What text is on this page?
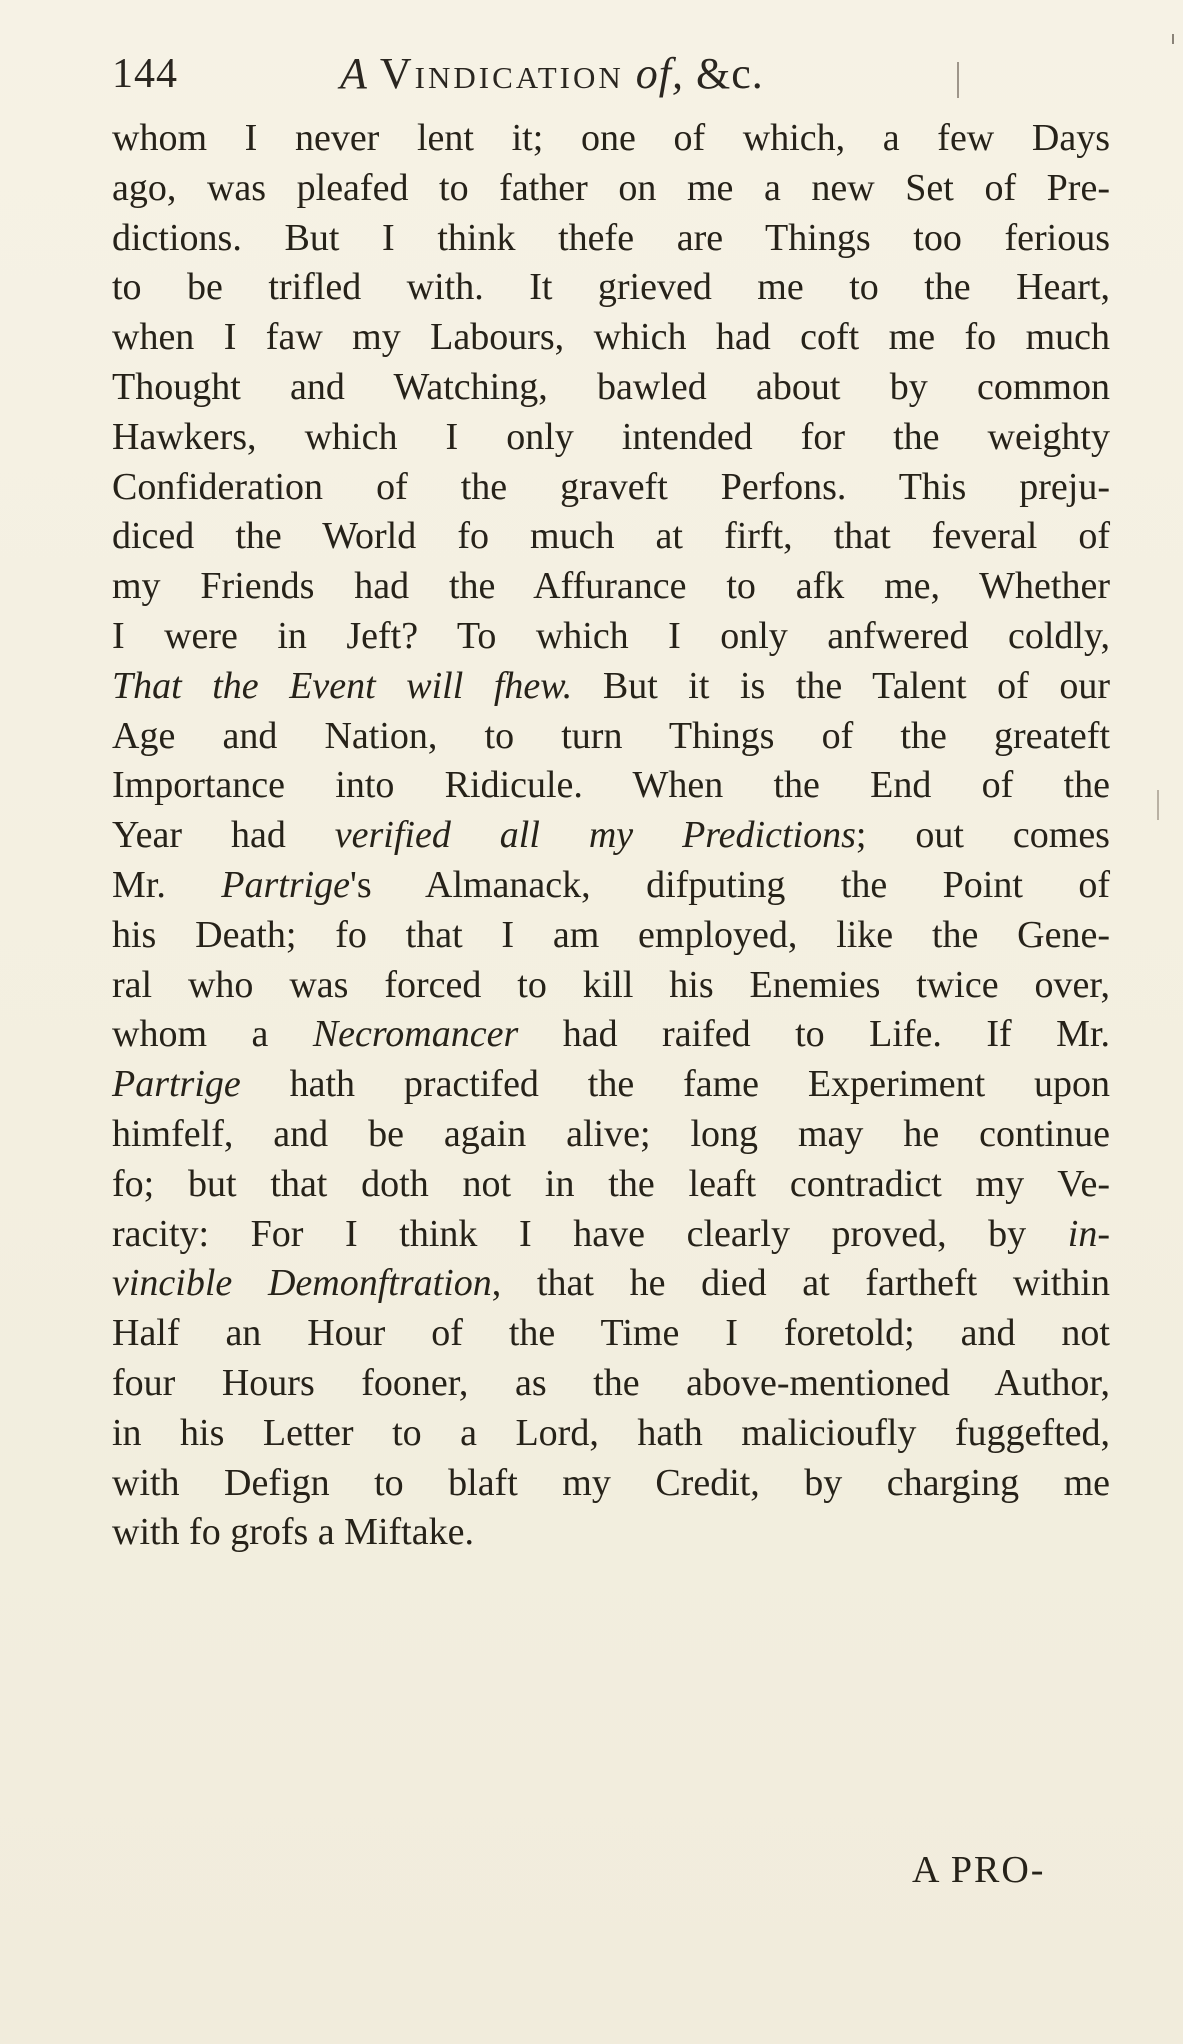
144	A Vindication of, &c.
whom I never lent it; one of which, a few Days
ago, was pleafed to father on me a new Set of Pre-
dictions. But I think thefe are Things too ferious
to be trifled with. It grieved me to the Heart,
when I faw my Labours, which had coft me fo much
Thought and Watching, bawled about by common
Hawkers, which I only intended for the weighty
Confideration of the graveft Perfons. This preju-
diced the World fo much at firft, that feveral of
my Friends had the Affurance to afk me, Whether
I were in Jeft? To which I only anfwered coldly,
That the Event will fhew. But it is the Talent of our
Age and Nation, to turn Things of the greateft
Importance into Ridicule. When the End of the
Year had verified all my Predictions; out comes
Mr. Partrige's Almanack, difputing the Point of
his Death; fo that I am employed, like the Gene-
ral who was forced to kill his Enemies twice over,
whom a Necromancer had raifed to Life. If Mr.
Partrige hath practifed the fame Experiment upon
himfelf, and be again alive; long may he continue
fo; but that doth not in the leaft contradict my Ve-
racity: For I think I have clearly proved, by in-
vincible Demonftration, that he died at fartheft within
Half an Hour of the Time I foretold; and not
four Hours fooner, as the above-mentioned Author,
in his Letter to a Lord, hath malicioufly fuggefted,
with Defign to blaft my Credit, by charging me
with fo grofs a Miftake.
A PRO-
